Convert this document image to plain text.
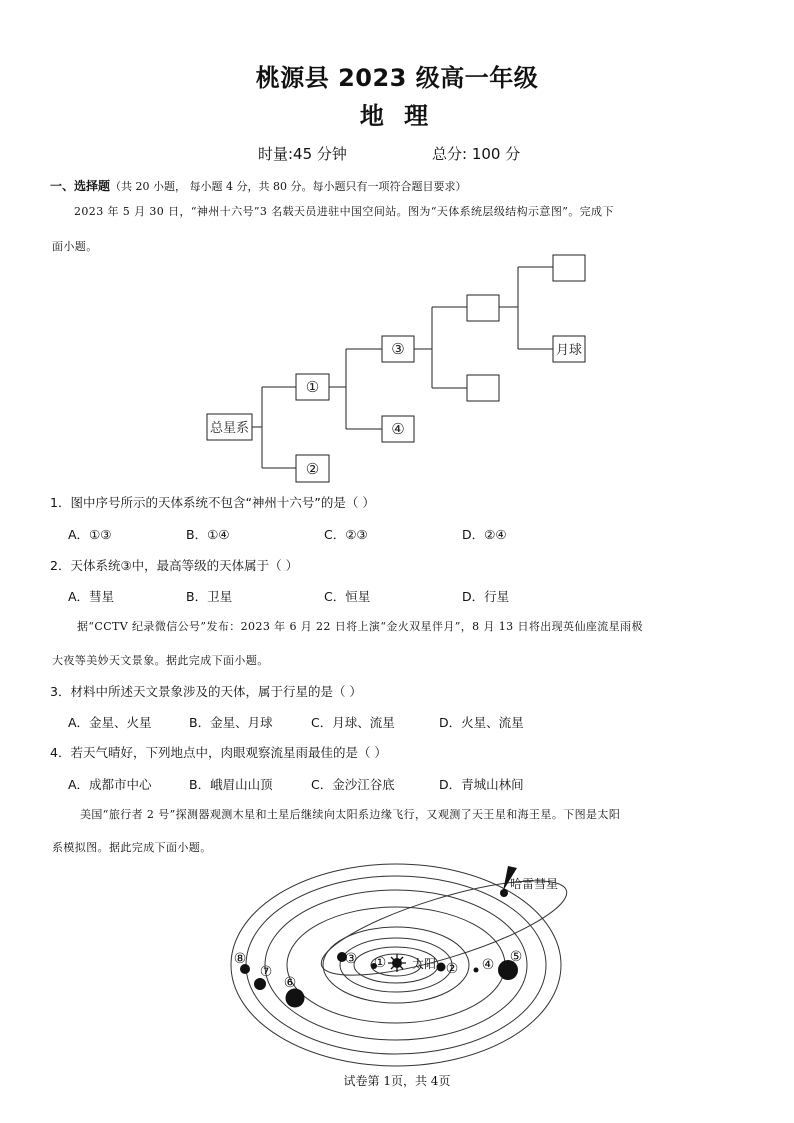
桃源县 2023 级高一年级
地 理
时量:45 分钟	总分: 100 分
一、选择题（共 20 小题， 每小题 4 分，共 80 分。每小题只有一项符合题目要求）
2023 年 5 月 30 日，“神州十六号”3 名载天员进驻中国空间站。图为“天体系统层级结构示意图”。完成下
面小题。
总星系
①
②
③
④
月球
1．图中序号所示的天体系统不包含“神州十六号”的是（ ）
A．①③	B．①④	C．②③	D．②④
2．天体系统③中，最高等级的天体属于（ ）
A．彗星	B．卫星	C．恒星	D．行星
据“CCTV 纪录微信公号”发布：2023 年 6 月 22 日将上演“金火双星伴月”，8 月 13 日将出现英仙座流星雨极
大夜等美妙天文景象。据此完成下面小题。
3．材料中所述天文景象涉及的天体，属于行星的是（ ）
A．金星、火星	B．金星、月球	C．月球、流星	D．火星、流星
4．若天气晴好，下列地点中，肉眼观察流星雨最佳的是（ ）
A．成都市中心	B．峨眉山山顶	C．金沙江谷底	D．青城山林间
美国“旅行者 2 号”探测器观测木星和土星后继续向太阳系边缘飞行，又观测了天王星和海王星。下图是太阳
系模拟图。据此完成下面小题。
太阳
哈雷彗星
①	②
③	④ ⑤
⑥
⑦
⑧
试卷第 1页，共 4页
